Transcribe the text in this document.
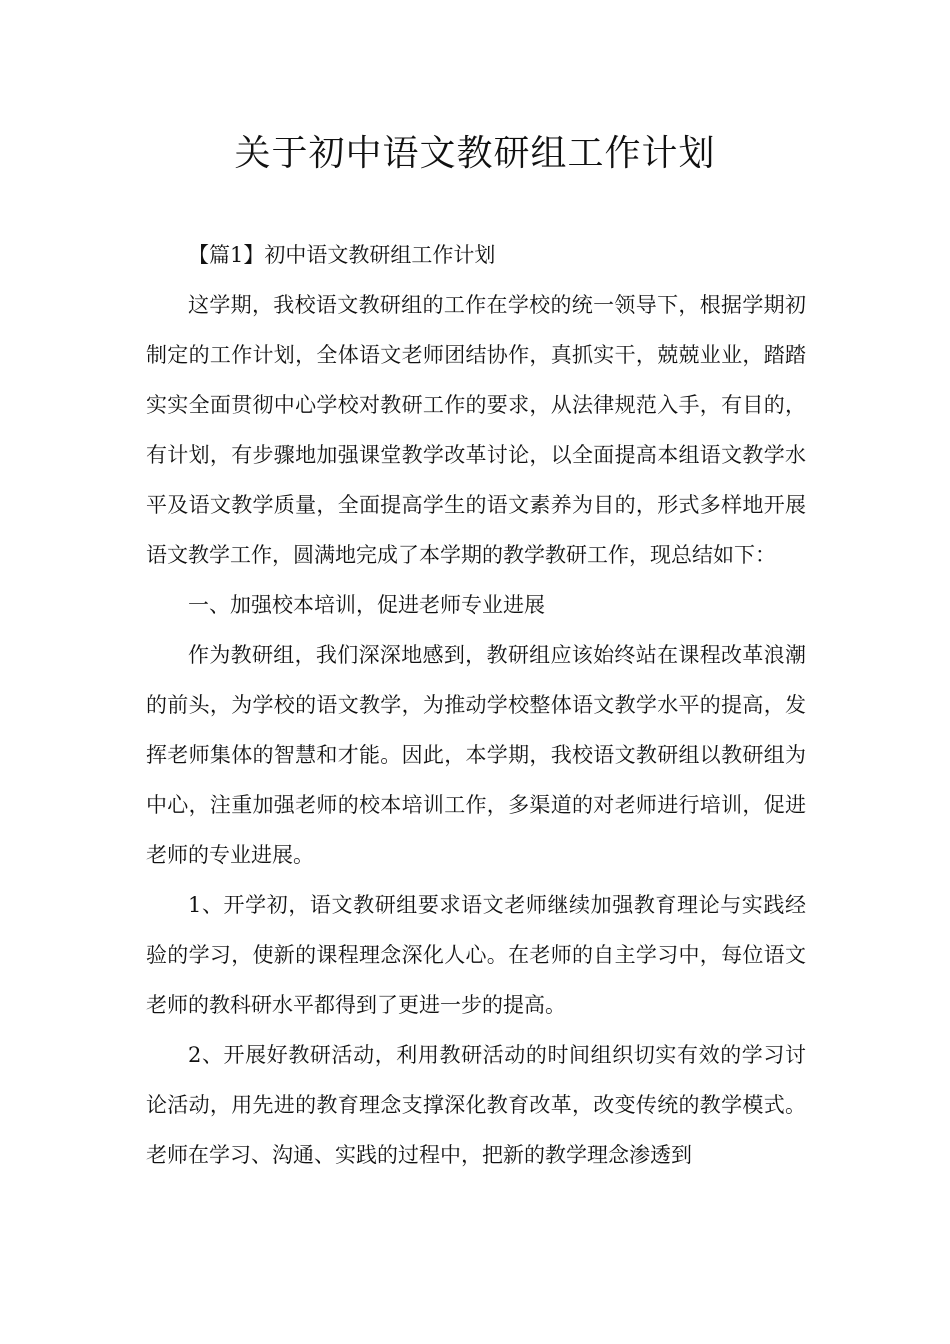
关于初中语文教研组工作计划

【篇1】初中语文教研组工作计划

这学期，我校语文教研组的工作在学校的统一领导下，根据学期初制定的工作计划，全体语文老师团结协作，真抓实干，兢兢业业，踏踏实实全面贯彻中心学校对教研工作的要求，从法律规范入手，有目的，有计划，有步骤地加强课堂教学改革讨论，以全面提高本组语文教学水平及语文教学质量，全面提高学生的语文素养为目的，形式多样地开展语文教学工作，圆满地完成了本学期的教学教研工作，现总结如下：

一、加强校本培训，促进老师专业进展

作为教研组，我们深深地感到，教研组应该始终站在课程改革浪潮的前头，为学校的语文教学，为推动学校整体语文教学水平的提高，发挥老师集体的智慧和才能。因此，本学期，我校语文教研组以教研组为中心，注重加强老师的校本培训工作，多渠道的对老师进行培训，促进老师的专业进展。

1、开学初，语文教研组要求语文老师继续加强教育理论与实践经验的学习，使新的课程理念深化人心。在老师的自主学习中，每位语文老师的教科研水平都得到了更进一步的提高。

2、开展好教研活动，利用教研活动的时间组织切实有效的学习讨论活动，用先进的教育理念支撑深化教育改革，改变传统的教学模式。老师在学习、沟通、实践的过程中，把新的教学理念渗透到
